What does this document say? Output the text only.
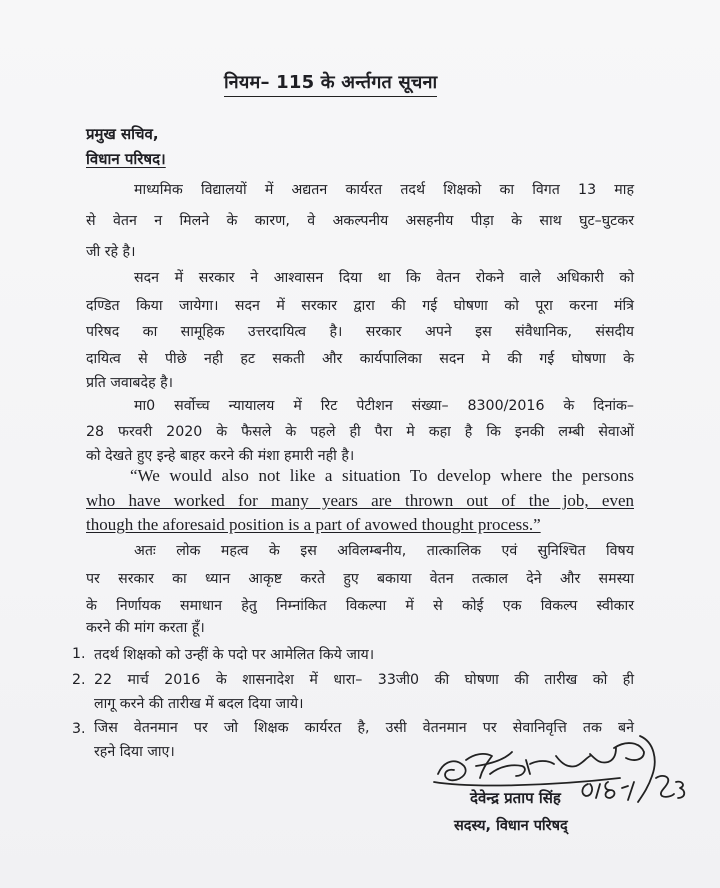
नियम– 115 के अर्न्तगत सूचना
प्रमुख सचिव,
विधान परिषद।
माध्यमिक विद्यालयों में अद्यतन कार्यरत तदर्थ शिक्षको का विगत 13 माह
से वेतन न मिलने के कारण, वे अकल्पनीय असहनीय पीड़ा के साथ घुट–घुटकर
जी रहे है।
सदन में सरकार ने आश्वासन दिया था कि वेतन रोकने वाले अधिकारी को
दण्डित किया जायेगा। सदन में सरकार द्वारा की गई घोषणा को पूरा करना मंत्रि
परिषद का सामूहिक उत्तरदायित्व है। सरकार अपने इस संवैधानिक, संसदीय
दायित्व से पीछे नही हट सकती और कार्यपालिका सदन मे की गई घोषणा के
प्रति जवाबदेह है।
मा0 सर्वोच्च न्यायालय में रिट पेटीशन संख्या– 8300/2016 के दिनांक–
28 फरवरी 2020 के फैसले के पहले ही पैरा मे कहा है कि इनकी लम्बी सेवाओं
को देखते हुए इन्हे बाहर करने की मंशा हमारी नही है।
“We would also not like a situation To develop where the persons
who have worked for many years are thrown out of the job, even
though the aforesaid position is a part of avowed thought process.”
अतः लोक महत्व के इस अविलम्बनीय, तात्कालिक एवं सुनिश्चित विषय
पर सरकार का ध्यान आकृष्ट करते हुए बकाया वेतन तत्काल देने और समस्या
के निर्णायक समाधान हेतु निम्नांकित विकल्पा में से कोई एक विकल्प स्वीकार
करने की मांग करता हूँ।
1. तदर्थ शिक्षको को उन्हीं के पदो पर आमेलित किये जाय।
2. 22 मार्च 2016 के शासनादेश में धारा– 33जी0 की घोषणा की तारीख को ही
लागू करने की तारीख में बदल दिया जाये।
3. जिस वेतनमान पर जो शिक्षक कार्यरत है, उसी वेतनमान पर सेवानिवृत्ति तक बने
रहने दिया जाए।
देवेन्द्र प्रताप सिंह
सदस्य, विधान परिषद्
